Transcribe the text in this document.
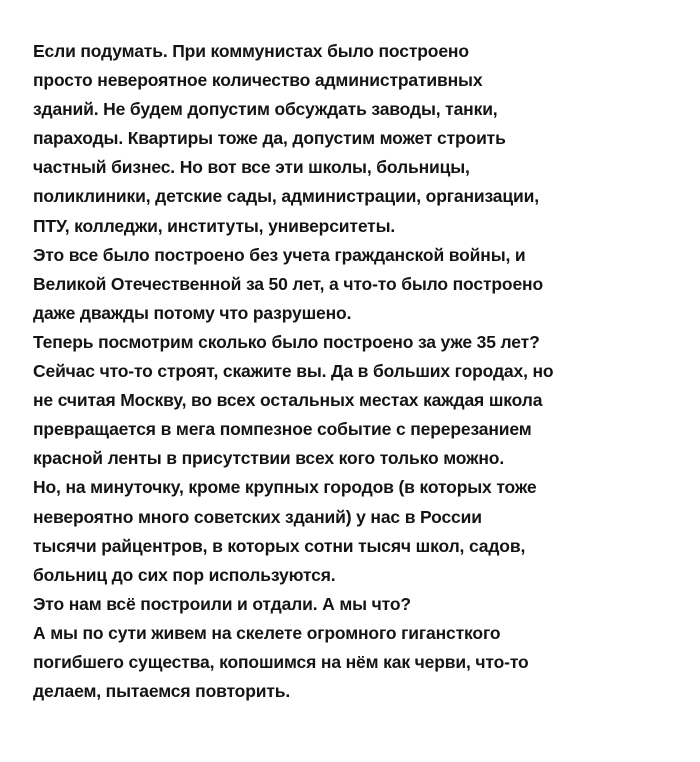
Если подумать. При коммунистах было построено
просто невероятное количество административных
зданий. Не будем допустим обсуждать заводы, танки,
параходы. Квартиры тоже да, допустим может строить
частный бизнес. Но вот все эти школы, больницы,
поликлиники, детские сады, администрации, организации,
ПТУ, колледжи, институты, университеты.
Это все было построено без учета гражданской войны, и
Великой Отечественной за 50 лет, а что-то было построено
даже дважды потому что разрушено.
Теперь посмотрим сколько было построено за уже 35 лет?
Сейчас что-то строят, скажите вы. Да в больших городах, но
не считая Москву, во всех остальных местах каждая школа
превращается в мега помпезное событие с перерезанием
красной ленты в присутствии всех кого только можно.
Но, на минуточку, кроме крупных городов (в которых тоже
невероятно много советских зданий) у нас в России
тысячи райцентров, в которых сотни тысяч школ, садов,
больниц до сих пор используются.
Это нам всё построили и отдали. А мы что?
А мы по сути живем на скелете огромного гигансткого
погибшего существа, копошимся на нём как черви, что-то
делаем, пытаемся повторить.
